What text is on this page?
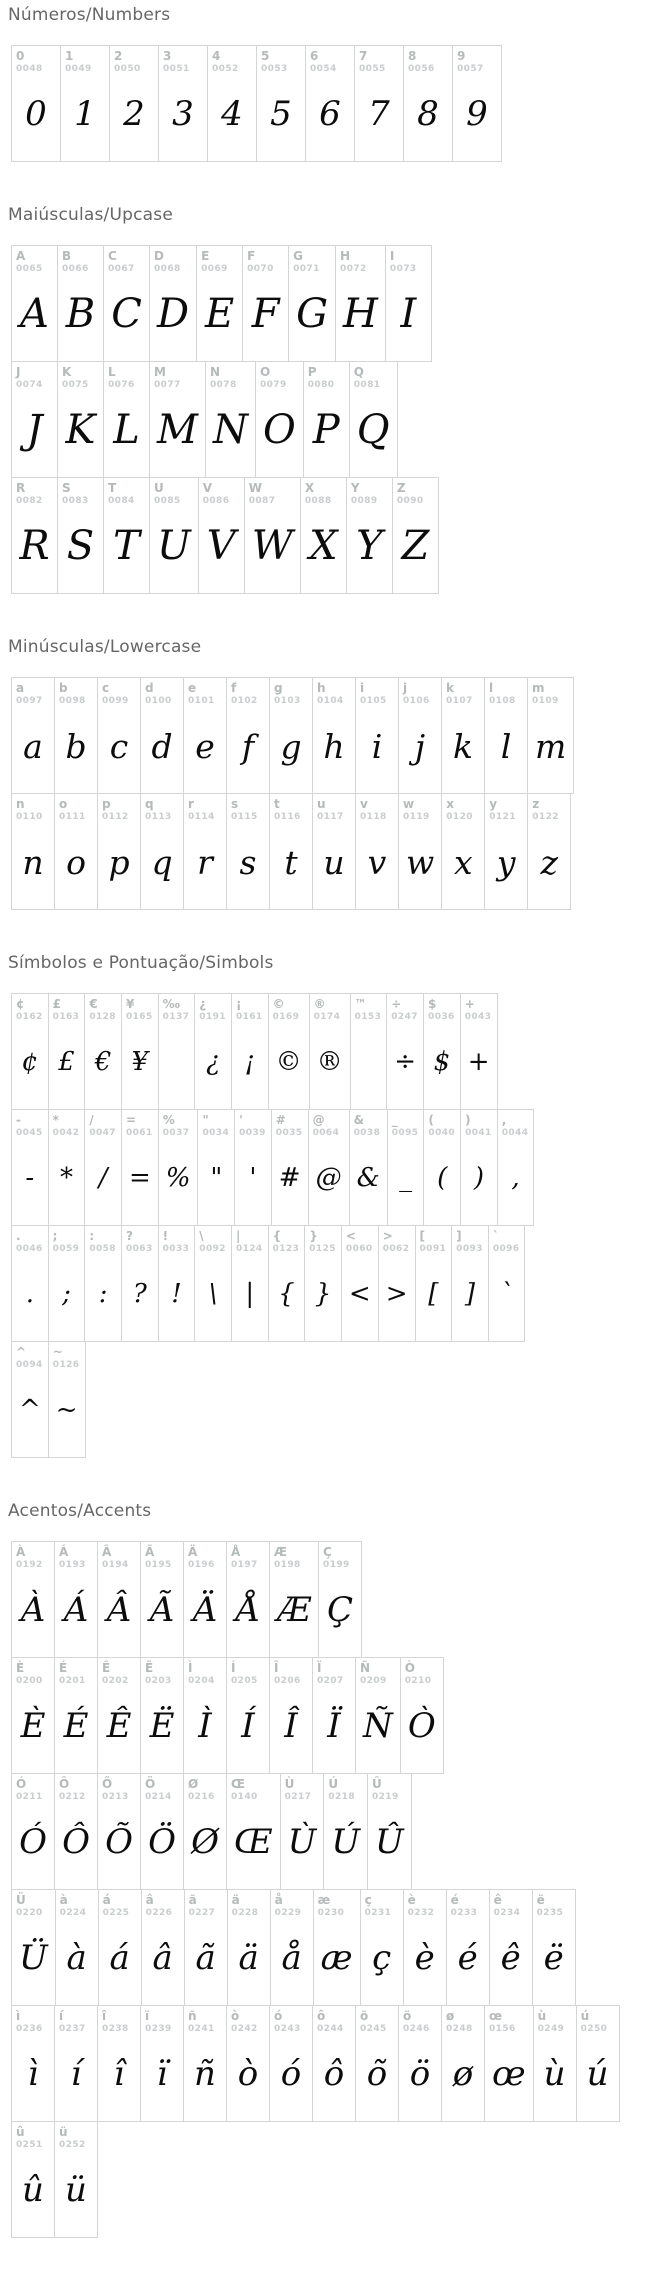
Números/Numbers
0
0048
0
1
0049
1
2
0050
2
3
0051
3
4
0052
4
5
0053
5
6
0054
6
7
0055
7
8
0056
8
9
0057
9
Maiúsculas/Upcase
A
0065
A
B
0066
B
C
0067
C
D
0068
D
E
0069
E
F
0070
F
G
0071
G
H
0072
H
I
0073
I
J
0074
J
K
0075
K
L
0076
L
M
0077
M
N
0078
N
O
0079
O
P
0080
P
Q
0081
Q
R
0082
R
S
0083
S
T
0084
T
U
0085
U
V
0086
V
W
0087
W
X
0088
X
Y
0089
Y
Z
0090
Z
Minúsculas/Lowercase
a
0097
a
b
0098
b
c
0099
c
d
0100
d
e
0101
e
f
0102
f
g
0103
g
h
0104
h
i
0105
i
j
0106
j
k
0107
k
l
0108
l
m
0109
m
n
0110
n
o
0111
o
p
0112
p
q
0113
q
r
0114
r
s
0115
s
t
0116
t
u
0117
u
v
0118
v
w
0119
w
x
0120
x
y
0121
y
z
0122
z
Símbolos e Pontuação/Simbols
¢
0162
¢
£
0163
£
€
0128
€
¥
0165
¥
‰
0137
¿
0191
¿
¡
0161
¡
©
0169
©
®
0174
®
™
0153
÷
0247
÷
$
0036
$
+
0043
+
-
0045
-
*
0042
*
/
0047
/
=
0061
=
%
0037
%
"
0034
"
'
0039
'
#
0035
#
@
0064
@
&
0038
&
_
0095
_
(
0040
(
)
0041
)
,
0044
,
.
0046
.
;
0059
;
:
0058
:
?
0063
?
!
0033
!
\
0092
\
|
0124
|
{
0123
{
}
0125
}
<
0060
<
>
0062
>
[
0091
[
]
0093
]
`
0096
`
^
0094
^
~
0126
~
Acentos/Accents
À
0192
À
Á
0193
Á
Â
0194
Â
Ã
0195
Ã
Ä
0196
Ä
Å
0197
Å
Æ
0198
Æ
Ç
0199
Ç
È
0200
È
É
0201
É
Ê
0202
Ê
Ë
0203
Ë
Ì
0204
Ì
Í
0205
Í
Î
0206
Î
Ï
0207
Ï
Ñ
0209
Ñ
Ò
0210
Ò
Ó
0211
Ó
Ô
0212
Ô
Õ
0213
Õ
Ö
0214
Ö
Ø
0216
Ø
Œ
0140
Œ
Ù
0217
Ù
Ú
0218
Ú
Û
0219
Û
Ü
0220
Ü
à
0224
à
á
0225
á
â
0226
â
ã
0227
ã
ä
0228
ä
å
0229
å
æ
0230
æ
ç
0231
ç
è
0232
è
é
0233
é
ê
0234
ê
ë
0235
ë
ì
0236
ì
í
0237
í
î
0238
î
ï
0239
ï
ñ
0241
ñ
ò
0242
ò
ó
0243
ó
ô
0244
ô
õ
0245
õ
ö
0246
ö
ø
0248
ø
œ
0156
œ
ù
0249
ù
ú
0250
ú
û
0251
û
ü
0252
ü
